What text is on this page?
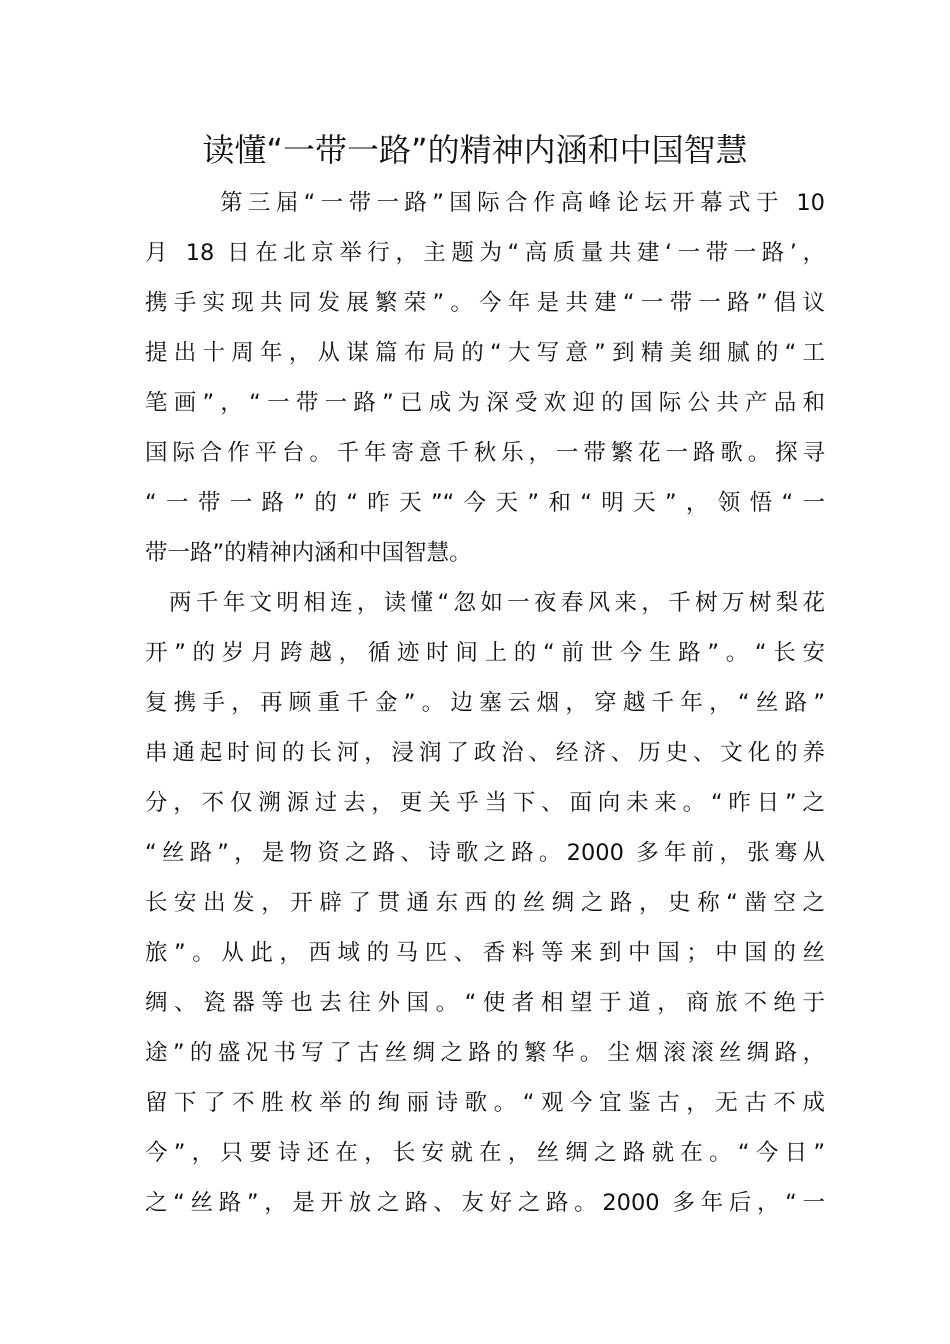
读懂“一带一路”的精神内涵和中国智慧
第三届“一带一路”国际合作高峰论坛开幕式于 10
月 18 日在北京举行，主题为“高质量共建‘一带一路’，
携手实现共同发展繁荣”。今年是共建“一带一路”倡议
提出十周年，从谋篇布局的“大写意”到精美细腻的“工
笔画”，“一带一路”已成为深受欢迎的国际公共产品和
国际合作平台。千年寄意千秋乐，一带繁花一路歌。探寻
“一带一路”的“昨天”“今天”和“明天”，领悟“一
带一路”的精神内涵和中国智慧。
两千年文明相连，读懂“忽如一夜春风来，千树万树梨花
开”的岁月跨越，循迹时间上的“前世今生路”。“长安
复携手，再顾重千金”。边塞云烟，穿越千年，“丝路”
串通起时间的长河，浸润了政治、经济、历史、文化的养
分，不仅溯源过去，更关乎当下、面向未来。“昨日”之
“丝路”，是物资之路、诗歌之路。2000 多年前，张骞从
长安出发，开辟了贯通东西的丝绸之路，史称“凿空之
旅”。从此，西域的马匹、香料等来到中国；中国的丝
绸、瓷器等也去往外国。“使者相望于道，商旅不绝于
途”的盛况书写了古丝绸之路的繁华。尘烟滚滚丝绸路，
留下了不胜枚举的绚丽诗歌。“观今宜鉴古，无古不成
今”，只要诗还在，长安就在，丝绸之路就在。“今日”
之“丝路”，是开放之路、友好之路。2000 多年后，“一
